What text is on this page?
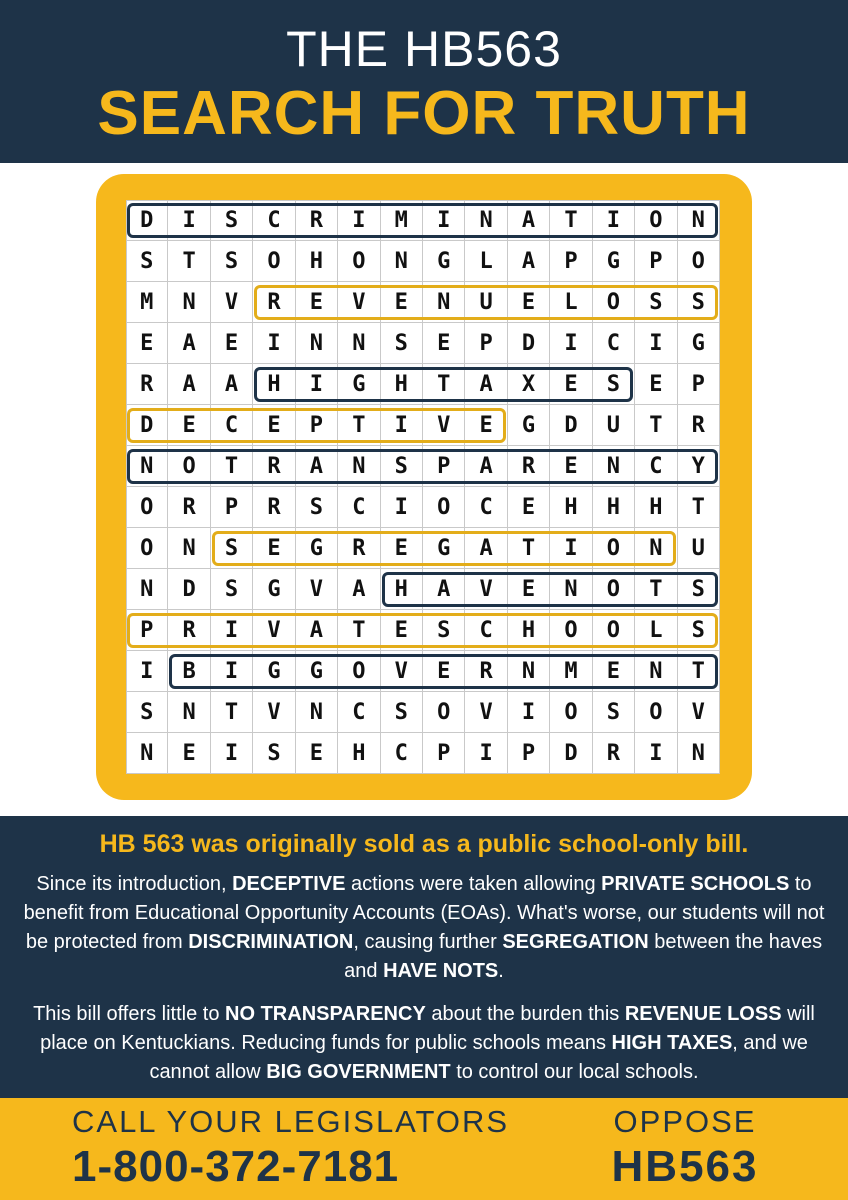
THE HB563
SEARCH FOR TRUTH
D	I	S	C	R	I	M	I	N	A	T	I	O	N
S	T	S	O	H	O	N	G	L	A	P	G	P	O
M	N	V	R	E	V	E	N	U	E	L	O	S	S
E	A	E	I	N	N	S	E	P	D	I	C	I	G
R	A	A	H	I	G	H	T	A	X	E	S	E	P
D	E	C	E	P	T	I	V	E	G	D	U	T	R
N	O	T	R	A	N	S	P	A	R	E	N	C	Y
O	R	P	R	S	C	I	O	C	E	H	H	H	T
O	N	S	E	G	R	E	G	A	T	I	O	N	U
N	D	S	G	V	A	H	A	V	E	N	O	T	S
P	R	I	V	A	T	E	S	C	H	O	O	L	S
I	B	I	G	G	O	V	E	R	N	M	E	N	T
S	N	T	V	N	C	S	O	V	I	O	S	O	V
N	E	I	S	E	H	C	P	I	P	D	R	I	N
HB 563 was originally sold as a public school-only bill.

Since its introduction, DECEPTIVE actions were taken allowing PRIVATE SCHOOLS to benefit from Educational Opportunity Accounts (EOAs). What's worse, our students will not be protected from DISCRIMINATION, causing further SEGREGATION between the haves and HAVE NOTS.

This bill offers little to NO TRANSPARENCY about the burden this REVENUE LOSS will place on Kentuckians. Reducing funds for public schools means HIGH TAXES, and we cannot allow BIG GOVERNMENT to control our local schools.

CALL YOUR LEGISLATORS
1-800-372-7181
OPPOSE
HB563
